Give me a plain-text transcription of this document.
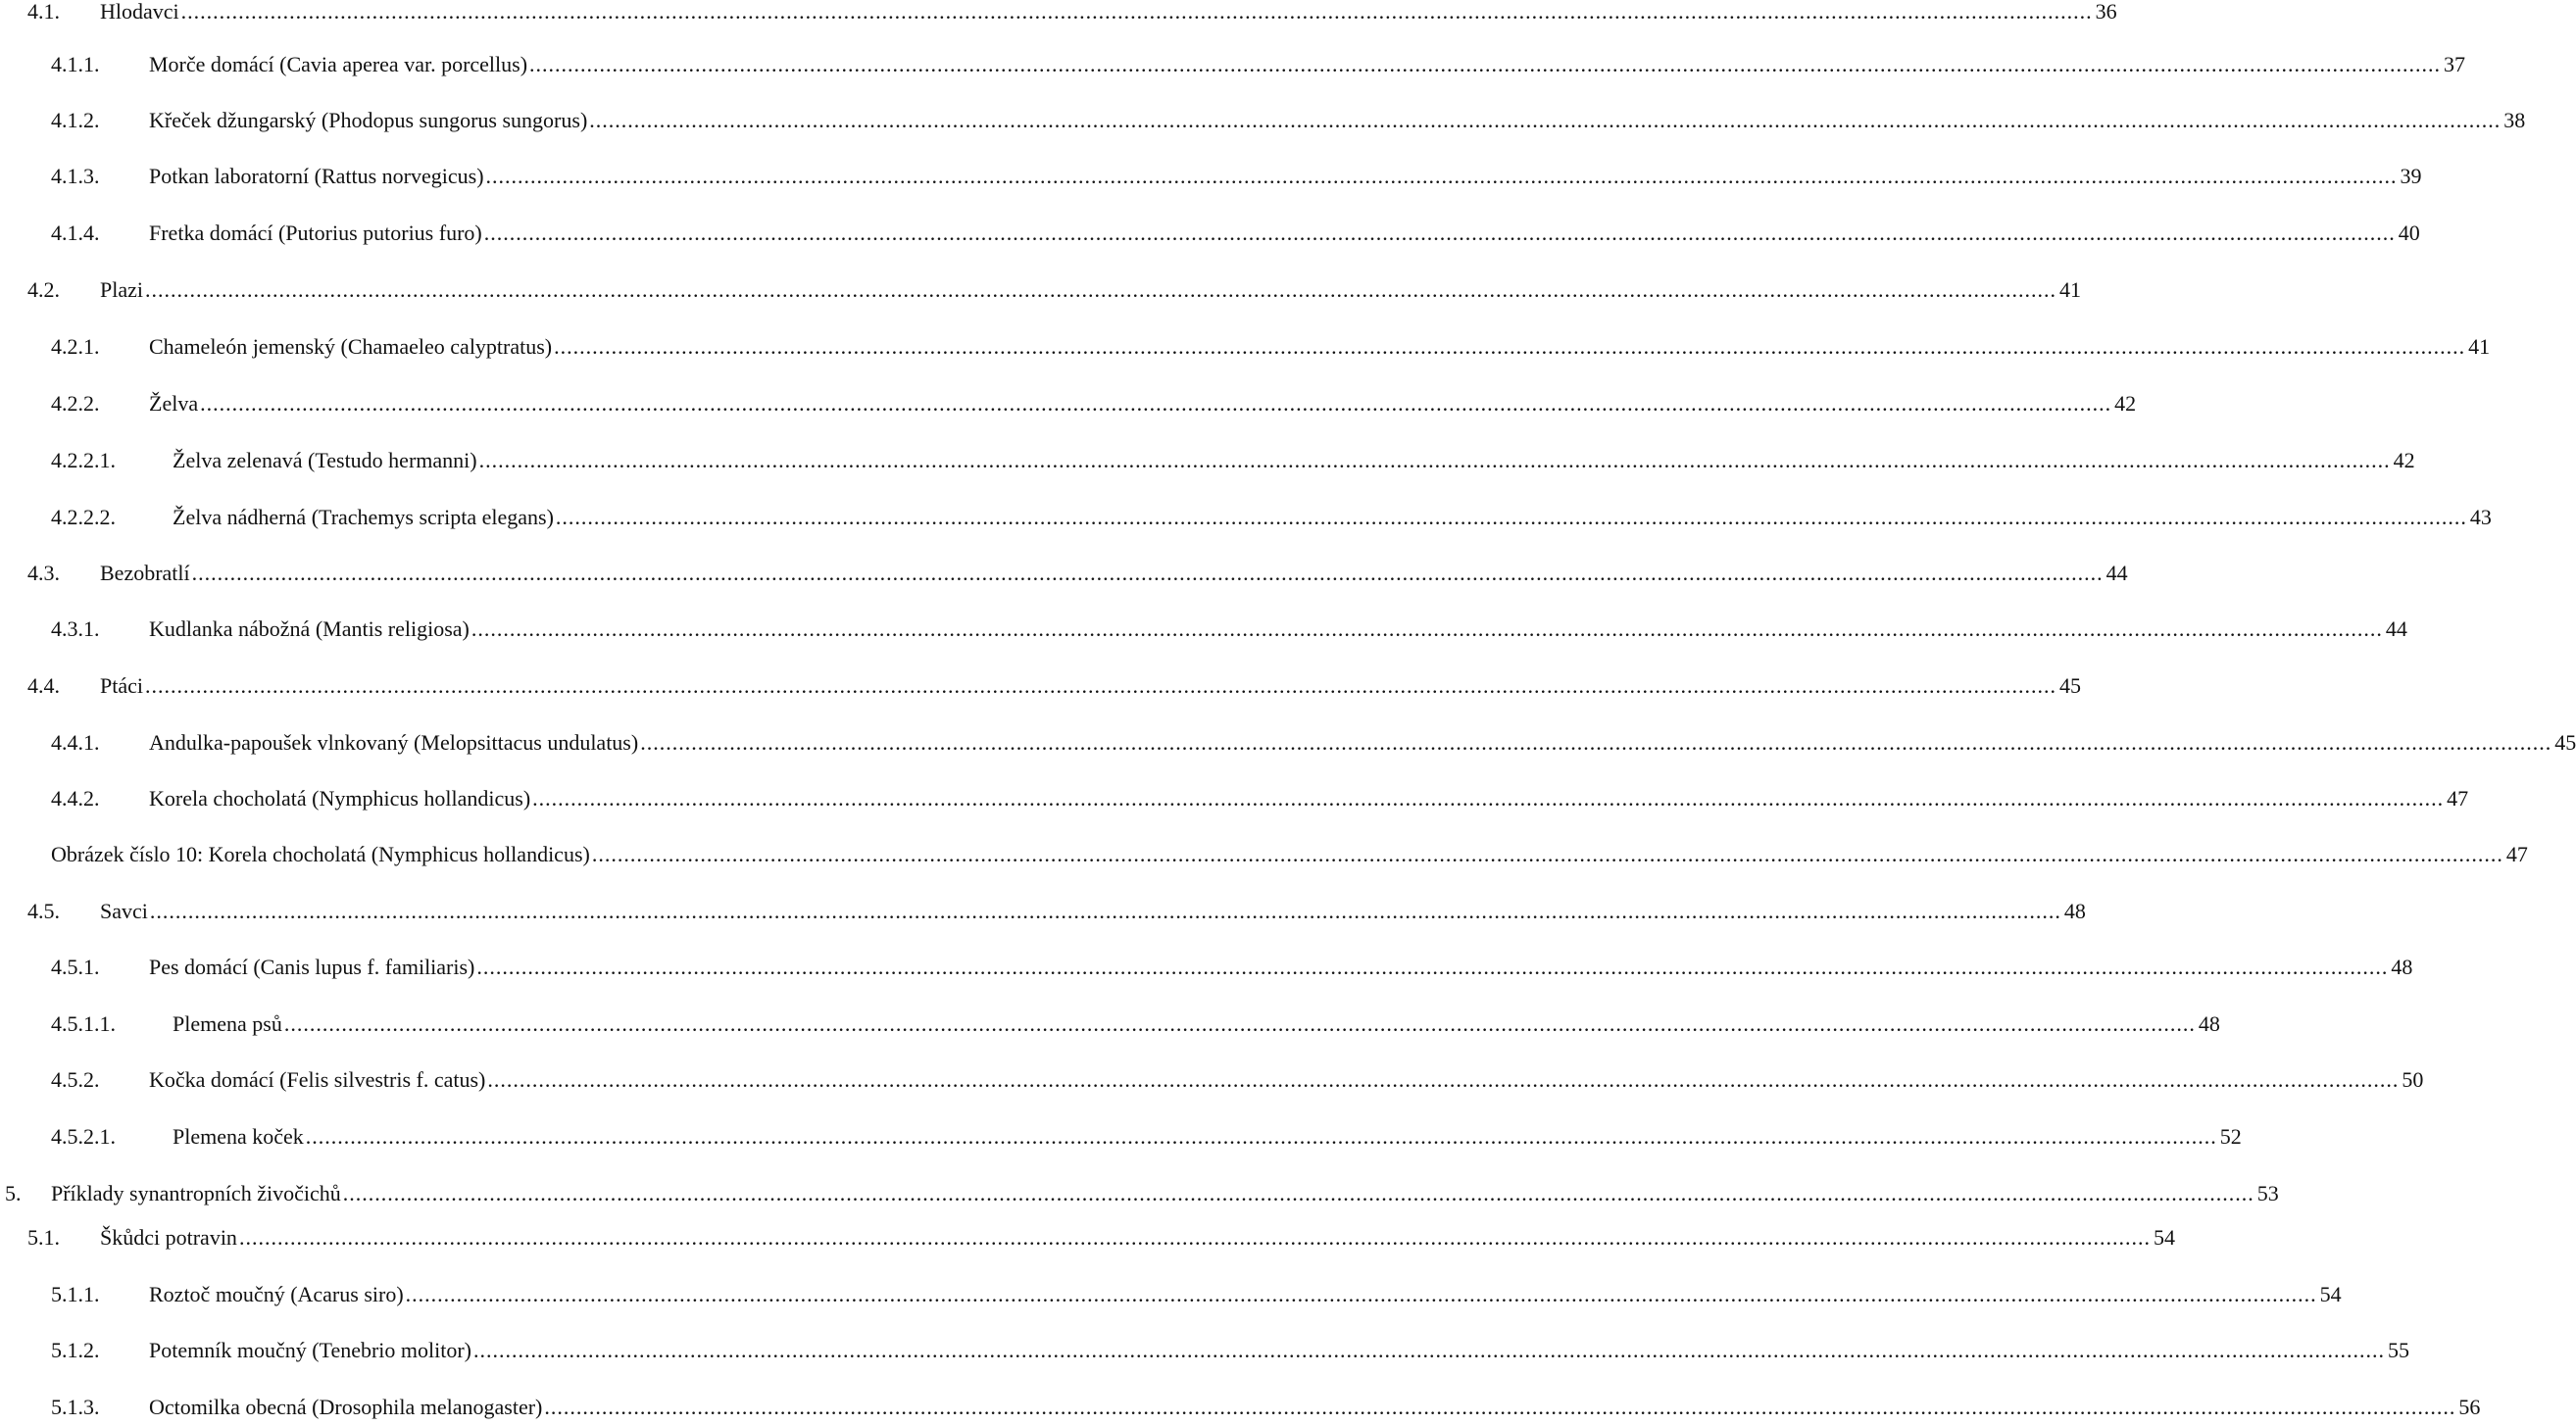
4.1. Hlodavci ............................................................................................................................................................................................................................................................................................................ 36
4.1.1. Morče domácí (Cavia aperea var. porcellus) ............................................................................................................................................................................................................................................................................................................ 37
4.1.2. Křeček džungarský (Phodopus sungorus sungorus) ............................................................................................................................................................................................................................................................................................................ 38
4.1.3. Potkan laboratorní (Rattus norvegicus) ............................................................................................................................................................................................................................................................................................................ 39
4.1.4. Fretka domácí (Putorius putorius furo) ............................................................................................................................................................................................................................................................................................................ 40
4.2. Plazi ............................................................................................................................................................................................................................................................................................................ 41
4.2.1. Chameleón jemenský (Chamaeleo calyptratus) ............................................................................................................................................................................................................................................................................................................ 41
4.2.2. Želva ............................................................................................................................................................................................................................................................................................................ 42
4.2.2.1.	Želva zelenavá (Testudo hermanni) ............................................................................................................................................................................................................................................................................................................ 42
4.2.2.2.	Želva nádherná (Trachemys scripta elegans) ............................................................................................................................................................................................................................................................................................................ 43
4.3. Bezobratlí ............................................................................................................................................................................................................................................................................................................ 44
4.3.1. Kudlanka nábožná (Mantis religiosa) ............................................................................................................................................................................................................................................................................................................ 44
4.4. Ptáci ............................................................................................................................................................................................................................................................................................................ 45
4.4.1. Andulka-papoušek vlnkovaný (Melopsittacus undulatus) ............................................................................................................................................................................................................................................................................................................ 45
4.4.2. Korela chocholatá (Nymphicus hollandicus) ............................................................................................................................................................................................................................................................................................................ 47
Obrázek číslo 10: Korela chocholatá (Nymphicus hollandicus) ............................................................................................................................................................................................................................................................................................................ 47
4.5. Savci ............................................................................................................................................................................................................................................................................................................ 48
4.5.1. Pes domácí (Canis lupus f. familiaris) ............................................................................................................................................................................................................................................................................................................ 48
4.5.1.1.	Plemena psů ............................................................................................................................................................................................................................................................................................................ 48
4.5.2. Kočka domácí (Felis silvestris f. catus) ............................................................................................................................................................................................................................................................................................................ 50
4.5.2.1.	Plemena koček ............................................................................................................................................................................................................................................................................................................ 52
5. Příklady synantropních živočichů ............................................................................................................................................................................................................................................................................................................ 53
5.1. Škůdci potravin ............................................................................................................................................................................................................................................................................................................ 54
5.1.1. Roztoč moučný (Acarus siro) ............................................................................................................................................................................................................................................................................................................ 54
5.1.2. Potemník moučný (Tenebrio molitor) ............................................................................................................................................................................................................................................................................................................ 55
5.1.3. Octomilka obecná (Drosophila melanogaster) ............................................................................................................................................................................................................................................................................................................ 56
